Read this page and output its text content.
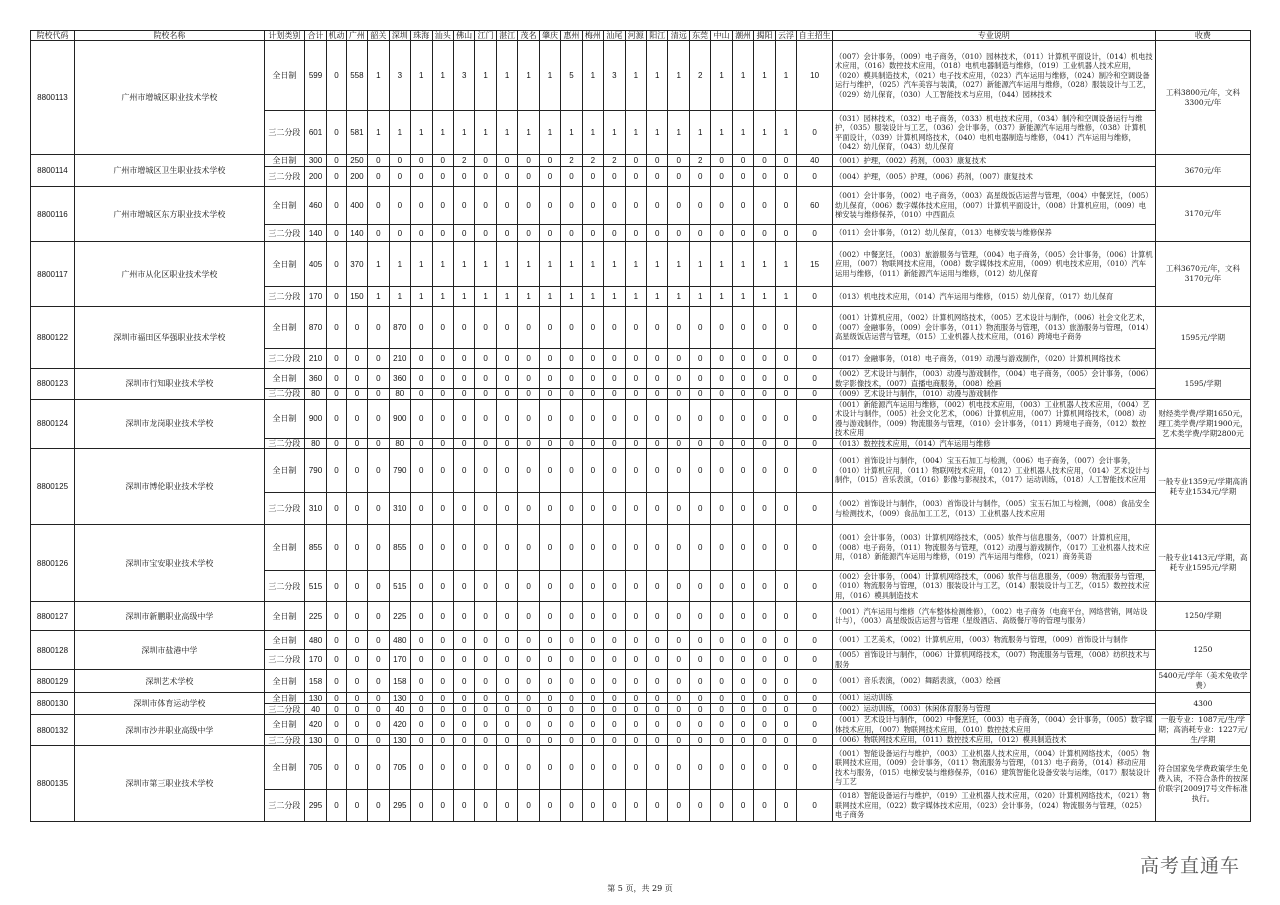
院校代码	院校名称	计划类别	合计	机动	广州	韶关	深圳	珠海	汕头	佛山	江门	湛江	茂名	肇庆	惠州	梅州	汕尾	河源	阳江	清远	东莞	中山	潮州	揭阳	云浮	自主招生	专业说明	收费
8800113	广州市增城区职业技术学校	全日制	599	0	558	1	3	1	1	3	1	1	1	1	5	1	3	1	1	1	2	1	1	1	1	10	（007）会计事务，（009）电子商务，（010）园林技术，（011）计算机平面设计，（014）机电技术应用，（016）数控技术应用，（018）电机电器制造与维修，（019）工业机器人技术应用，（020）模具制造技术，（021）电子技术应用，（023）汽车运用与维修，（024）制冷和空调设备运行与维护，（025）汽车美容与装潢，（027）新能源汽车运用与维修，（028）服装设计与工艺，（029）幼儿保育，（030）人工智能技术与应用，（044）园林技术	工科3800元/年，文科3300元/年
		三二分段	601	0	581	1	1	1	1	1	1	1	1	1	1	1	1	1	1	1	1	1	1	1	1	0	（031）园林技术，（032）电子商务，（033）机电技术应用，（034）制冷和空调设备运行与维护，（035）服装设计与工艺，（036）会计事务，（037）新能源汽车运用与维修，（038）计算机平面设计，（039）计算机网络技术，（040）电机电器制造与维修，（041）汽车运用与维修，（042）幼儿保育，（043）幼儿保育	
8800114	广州市增城区卫生职业技术学校	全日制	300	0	250	0	0	0	0	2	0	0	0	0	2	2	2	0	0	0	2	0	0	0	0	40	（001）护理，（002）药剂，（003）康复技术	3670元/年
		三二分段	200	0	200	0	0	0	0	0	0	0	0	0	0	0	0	0	0	0	0	0	0	0	0	0	（004）护理，（005）护理，（006）药剂，（007）康复技术	
8800116	广州市增城区东方职业技术学校	全日制	460	0	400	0	0	0	0	0	0	0	0	0	0	0	0	0	0	0	0	0	0	0	0	60	（001）会计事务，（002）电子商务，（003）高星级饭店运营与管理，（004）中餐烹饪，（005）幼儿保育，（006）数字媒体技术应用，（007）计算机平面设计，（008）计算机应用，（009）电梯安装与维修保养，（010）中西面点	3170元/年
		三二分段	140	0	140	0	0	0	0	0	0	0	0	0	0	0	0	0	0	0	0	0	0	0	0	0	（011）会计事务，（012）幼儿保育，（013）电梯安装与维修保养	
8800117	广州市从化区职业技术学校	全日制	405	0	370	1	1	1	1	1	1	1	1	1	1	1	1	1	1	1	1	1	1	1	1	15	（002）中餐烹饪，（003）旅游服务与管理，（004）电子商务，（005）会计事务，（006）计算机应用，（007）物联网技术应用，（008）数字媒体技术应用，（009）机电技术应用，（010）汽车运用与维修，（011）新能源汽车运用与维修，（012）幼儿保育	工科3670元/年，文科3170元/年
		三二分段	170	0	150	1	1	1	1	1	1	1	1	1	1	1	1	1	1	1	1	1	1	1	1	0	（013）机电技术应用，（014）汽车运用与维修，（015）幼儿保育，（017）幼儿保育	
8800122	深圳市福田区华强职业技术学校	全日制	870	0	0	0	870	0	0	0	0	0	0	0	0	0	0	0	0	0	0	0	0	0	0	0	（001）计算机应用，（002）计算机网络技术，（005）艺术设计与制作，（006）社会文化艺术，（007）金融事务，（009）会计事务，（011）物流服务与管理，（013）旅游服务与管理，（014）高星级饭店运营与管理，（015）工业机器人技术应用，（016）跨境电子商务	1595元/学期
		三二分段	210	0	0	0	210	0	0	0	0	0	0	0	0	0	0	0	0	0	0	0	0	0	0	0	（017）金融事务，（018）电子商务，（019）动漫与游戏制作，（020）计算机网络技术	
8800123	深圳市行知职业技术学校	全日制	360	0	0	0	360	0	0	0	0	0	0	0	0	0	0	0	0	0	0	0	0	0	0	0	（002）艺术设计与制作，（003）动漫与游戏制作，（004）电子商务，（005）会计事务，（006）数字影像技术，（007）直播电商服务，（008）绘画	1595/学期
		三二分段	80	0	0	0	80	0	0	0	0	0	0	0	0	0	0	0	0	0	0	0	0	0	0	0	（009）艺术设计与制作，（010）动漫与游戏制作	
8800124	深圳市龙岗职业技术学校	全日制	900	0	0	0	900	0	0	0	0	0	0	0	0	0	0	0	0	0	0	0	0	0	0	0	（001）新能源汽车运用与维修，（002）机电技术应用，（003）工业机器人技术应用，（004）艺术设计与制作，（005）社会文化艺术，（006）计算机应用，（007）计算机网络技术，（008）动漫与游戏制作，（009）物流服务与管理，（010）会计事务，（011）跨境电子商务，（012）数控技术应用	财经类学费/学期1650元，理工类学费/学期1900元，艺术类学费/学期2800元
		三二分段	80	0	0	0	80	0	0	0	0	0	0	0	0	0	0	0	0	0	0	0	0	0	0	0	（013）数控技术应用，（014）汽车运用与维修	
8800125	深圳市博伦职业技术学校	全日制	790	0	0	0	790	0	0	0	0	0	0	0	0	0	0	0	0	0	0	0	0	0	0	0	（001）首饰设计与制作，（004）宝玉石加工与检测，（006）电子商务，（007）会计事务，（010）计算机应用，（011）物联网技术应用，（012）工业机器人技术应用，（014）艺术设计与制作，（015）音乐表演，（016）影像与影视技术，（017）运动训练，（018）人工智能技术应用	一般专业1359元/学期高消耗专业1534元/学期
		三二分段	310	0	0	0	310	0	0	0	0	0	0	0	0	0	0	0	0	0	0	0	0	0	0	0	（002）首饰设计与制作，（003）首饰设计与制作，（005）宝玉石加工与检测，（008）食品安全与检测技术，（009）食品加工工艺，（013）工业机器人技术应用	
8800126	深圳市宝安职业技术学校	全日制	855	0	0	0	855	0	0	0	0	0	0	0	0	0	0	0	0	0	0	0	0	0	0	0	（001）会计事务，（003）计算机网络技术，（005）软件与信息服务，（007）计算机应用，（008）电子商务，（011）物流服务与管理，（012）动漫与游戏制作，（017）工业机器人技术应用，（018）新能源汽车运用与维修，（019）汽车运用与维修，（021）商务英语	一般专业1413元/学期，高耗专业1595元/学期
		三二分段	515	0	0	0	515	0	0	0	0	0	0	0	0	0	0	0	0	0	0	0	0	0	0	0	（002）会计事务，（004）计算机网络技术，（006）软件与信息服务，（009）物流服务与管理，（010）物流服务与管理，（013）服装设计与工艺，（014）服装设计与工艺，（015）数控技术应用，（016）模具制造技术	
8800127	深圳市新鹏职业高级中学	全日制	225	0	0	0	225	0	0	0	0	0	0	0	0	0	0	0	0	0	0	0	0	0	0	0	（001）汽车运用与维修（汽车整体检测维修），（002）电子商务（电商平台，网络营销，网站设计与），（003）高星级饭店运营与管理（星级酒店、高级餐厅等的管理与服务）	1250/学期
8800128	深圳市盐港中学	全日制	480	0	0	0	480	0	0	0	0	0	0	0	0	0	0	0	0	0	0	0	0	0	0	0	（001）工艺美术，（002）计算机应用，（003）物流服务与管理，（009）首饰设计与制作	1250
		三二分段	170	0	0	0	170	0	0	0	0	0	0	0	0	0	0	0	0	0	0	0	0	0	0	0	（005）首饰设计与制作，（006）计算机网络技术，（007）物流服务与管理，（008）纺织技术与服务	
8800129	深圳艺术学校	全日制	158	0	0	0	158	0	0	0	0	0	0	0	0	0	0	0	0	0	0	0	0	0	0	0	（001）音乐表演，（002）舞蹈表演，（003）绘画	5400元/学年（美术免收学费）
8800130	深圳市体育运动学校	全日制	130	0	0	0	130	0	0	0	0	0	0	0	0	0	0	0	0	0	0	0	0	0	0	0	（001）运动训练	4300
		三二分段	40	0	0	0	40	0	0	0	0	0	0	0	0	0	0	0	0	0	0	0	0	0	0	0	（002）运动训练，（003）休闲体育服务与管理	
8800132	深圳市沙井职业高级中学	全日制	420	0	0	0	420	0	0	0	0	0	0	0	0	0	0	0	0	0	0	0	0	0	0	0	（001）艺术设计与制作，（002）中餐烹饪，（003）电子商务，（004）会计事务，（005）数字媒体技术应用，（007）物联网技术应用，（010）数控技术应用	一般专业：1087元/生/学期；高消耗专业：1227元/生/学期
		三二分段	130	0	0	0	130	0	0	0	0	0	0	0	0	0	0	0	0	0	0	0	0	0	0	0	（006）物联网技术应用，（011）数控技术应用，（012）模具制造技术	
8800135	深圳市第三职业技术学校	全日制	705	0	0	0	705	0	0	0	0	0	0	0	0	0	0	0	0	0	0	0	0	0	0	0	（001）智能设备运行与维护，（003）工业机器人技术应用，（004）计算机网络技术，（005）物联网技术应用，（009）会计事务，（011）物流服务与管理，（013）电子商务，（014）移动应用技术与服务，（015）电梯安装与维修保养，（016）建筑智能化设备安装与运维，（017）服装设计与工艺	符合国家免学费政策学生免费入读，不符合条件的按深价联字[2009]7号文件标准执行。
		三二分段	295	0	0	0	295	0	0	0	0	0	0	0	0	0	0	0	0	0	0	0	0	0	0	0	（018）智能设备运行与维护，（019）工业机器人技术应用，（020）计算机网络技术，（021）物联网技术应用，（022）数字媒体技术应用，（023）会计事务，（024）物流服务与管理，（025）电子商务	
第 5 页，共 29 页
高考直通车
